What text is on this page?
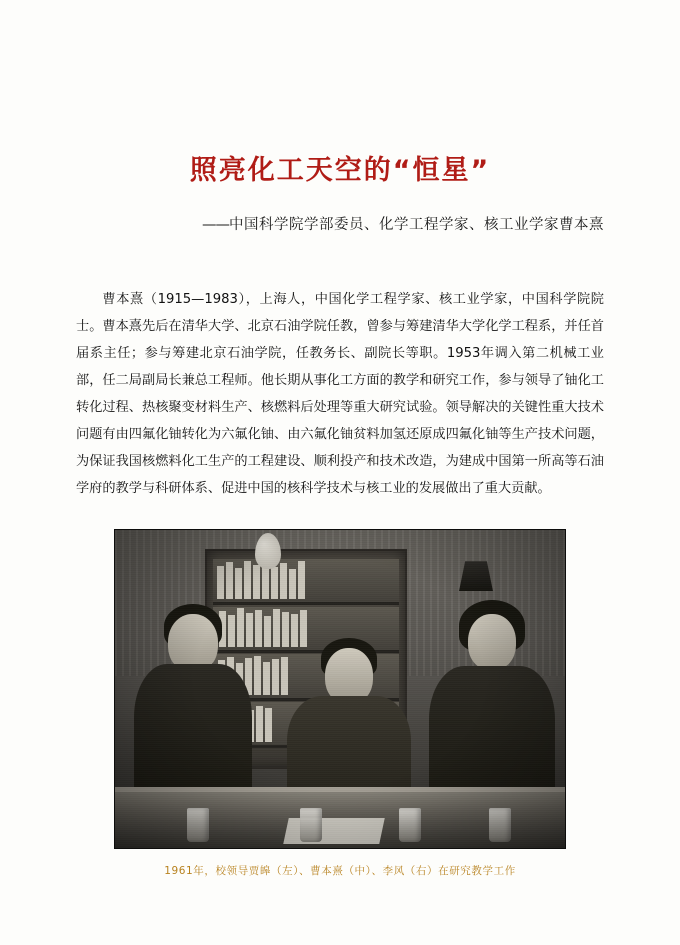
照亮化工天空的“恒星”
——中国科学院学部委员、化学工程学家、核工业学家曹本熹

曹本熹（1915—1983），上海人，中国化学工程学家、核工业学家，中国科学院院士。曹本熹先后在清华大学、北京石油学院任教，曾参与筹建清华大学化学工程系，并任首届系主任；参与筹建北京石油学院，任教务长、副院长等职。1953年调入第二机械工业部，任二局副局长兼总工程师。他长期从事化工方面的教学和研究工作，参与领导了铀化工转化过程、热核聚变材料生产、核燃料后处理等重大研究试验。领导解决的关键性重大技术问题有由四氟化铀转化为六氟化铀、由六氟化铀贫料加氢还原成四氟化铀等生产技术问题，为保证我国核燃料化工生产的工程建设、顺利投产和技术改造，为建成中国第一所高等石油学府的教学与科研体系、促进中国的核科学技术与核工业的发展做出了重大贡献。

1961年，校领导贾皞（左）、曹本熹（中）、李风（右）在研究教学工作
